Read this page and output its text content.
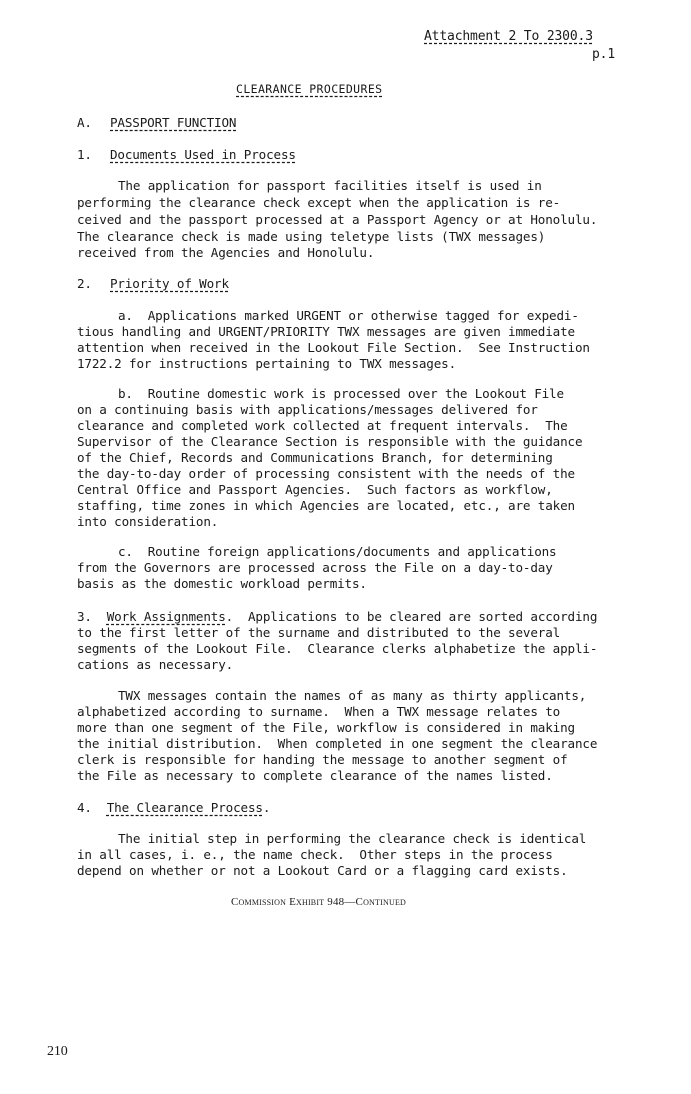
Attachment 2 To 2300.3
p.1
CLEARANCE PROCEDURES
A. PASSPORT FUNCTION
1. Documents Used in Process
The application for passport facilities itself is used in
performing the clearance check except when the application is re-
ceived and the passport processed at a Passport Agency or at Honolulu.
The clearance check is made using teletype lists (TWX messages)
received from the Agencies and Honolulu.
2. Priority of Work
a.  Applications marked URGENT or otherwise tagged for expedi-
tious handling and URGENT/PRIORITY TWX messages are given immediate
attention when received in the Lookout File Section.  See Instruction
1722.2 for instructions pertaining to TWX messages.
b.  Routine domestic work is processed over the Lookout File
on a continuing basis with applications/messages delivered for
clearance and completed work collected at frequent intervals.  The
Supervisor of the Clearance Section is responsible with the guidance
of the Chief, Records and Communications Branch, for determining
the day-to-day order of processing consistent with the needs of the
Central Office and Passport Agencies.  Such factors as workflow,
staffing, time zones in which Agencies are located, etc., are taken
into consideration.
c.  Routine foreign applications/documents and applications
from the Governors are processed across the File on a day-to-day
basis as the domestic workload permits.
3. Work Assignments.  Applications to be cleared are sorted according
to the first letter of the surname and distributed to the several
segments of the Lookout File.  Clearance clerks alphabetize the appli-
cations as necessary.
TWX messages contain the names of as many as thirty applicants,
alphabetized according to surname.  When a TWX message relates to
more than one segment of the File, workflow is considered in making
the initial distribution.  When completed in one segment the clearance
clerk is responsible for handing the message to another segment of
the File as necessary to complete clearance of the names listed.
4. The Clearance Process.
The initial step in performing the clearance check is identical
in all cases, i. e., the name check.  Other steps in the process
depend on whether or not a Lookout Card or a flagging card exists.
Commission Exhibit 948—Continued
210
